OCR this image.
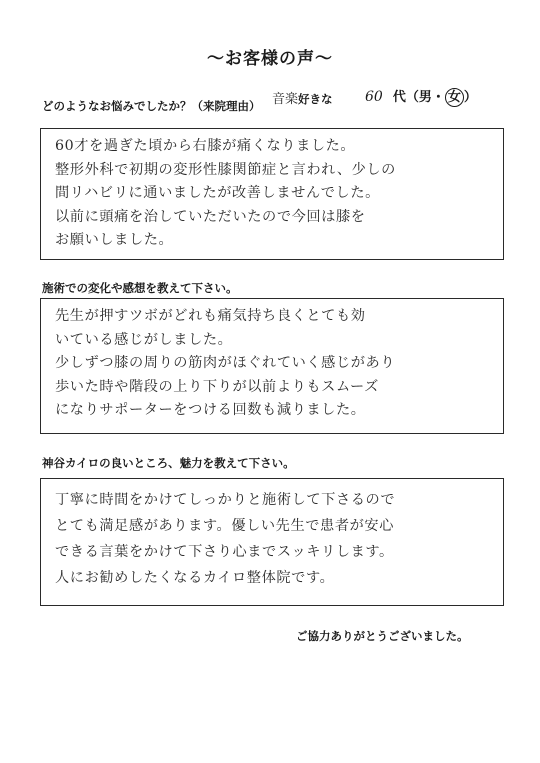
〜お客様の声〜
音楽好きな 60 代（男・ 女 ）
どのようなお悩みでしたか？（来院理由）
60才を過ぎた頃から右膝が痛くなりました。
整形外科で初期の変形性膝関節症と言われ、少しの
間リハビリに通いましたが改善しませんでした。
以前に頭痛を治していただいたので今回は膝を
お願いしました。
施術での変化や感想を教えて下さい。
先生が押すツボがどれも痛気持ち良くとても効
いている感じがしました。
少しずつ膝の周りの筋肉がほぐれていく感じがあり
歩いた時や階段の上り下りが以前よりもスムーズ
になりサポーターをつける回数も減りました。
神谷カイロの良いところ、魅力を教えて下さい。
丁寧に時間をかけてしっかりと施術して下さるので
とても満足感があります。優しい先生で患者が安心
できる言葉をかけて下さり心までスッキリします。
人にお勧めしたくなるカイロ整体院です。
ご協力ありがとうございました。
